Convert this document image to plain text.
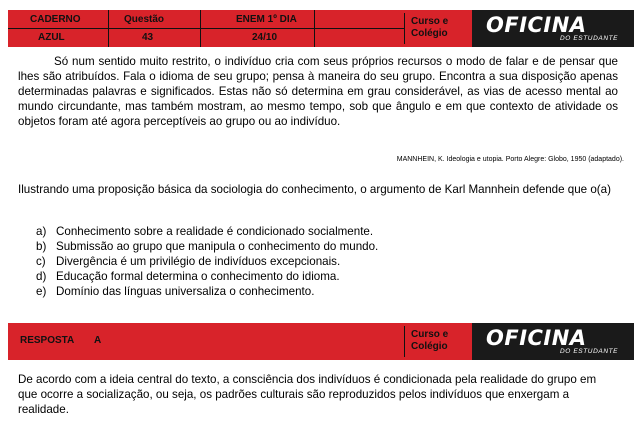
CADERNO
AZUL
Questão
43
ENEM 1º DIA
24/10
Curso e
Colégio	OFICINA
DO ESTUDANTE
Só num sentido muito restrito, o indivíduo cria com seus próprios recursos o modo de falar e de pensar que lhes são atribuídos. Fala o idioma de seu grupo; pensa à maneira do seu grupo. Encontra a sua disposição apenas determinadas palavras e significados. Estas não só determina em grau considerável, as vias de acesso mental ao mundo circundante, mas também mostram, ao mesmo tempo, sob que ângulo e em que contexto de atividade os objetos foram até agora perceptíveis ao grupo ou ao indivíduo.
MANNHEIN, K. Ideologia e utopia. Porto Alegre: Globo, 1950 (adaptado).
Ilustrando uma proposição básica da sociologia do conhecimento, o argumento de Karl Mannhein defende que o(a)
a) Conhecimento sobre a realidade é condicionado socialmente.
b) Submissão ao grupo que manipula o conhecimento do mundo.
c) Divergência é um privilégio de indivíduos excepcionais.
d) Educação formal determina o conhecimento do idioma.
e) Domínio das línguas universaliza o conhecimento.
RESPOSTA A
Curso e
Colégio	OFICINA
DO ESTUDANTE
De acordo com a ideia central do texto, a consciência dos indivíduos é condicionada pela realidade do grupo em que ocorre a socialização, ou seja, os padrões culturais são reproduzidos pelos indivíduos que enxergam a realidade.
